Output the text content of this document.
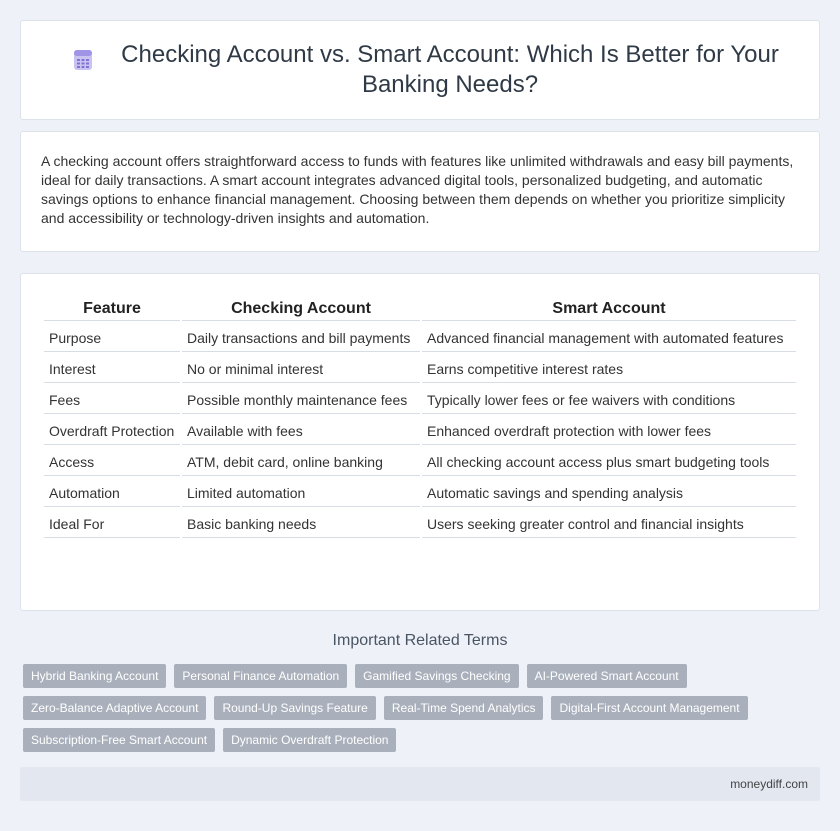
Checking Account vs. Smart Account: Which Is Better for Your Banking Needs?

A checking account offers straightforward access to funds with features like unlimited withdrawals and easy bill payments, ideal for daily transactions. A smart account integrates advanced digital tools, personalized budgeting, and automatic savings options to enhance financial management. Choosing between them depends on whether you prioritize simplicity and accessibility or technology-driven insights and automation.

Feature	Checking Account	Smart Account
Purpose	Daily transactions and bill payments	Advanced financial management with automated features
Interest	No or minimal interest	Earns competitive interest rates
Fees	Possible monthly maintenance fees	Typically lower fees or fee waivers with conditions
Overdraft Protection	Available with fees	Enhanced overdraft protection with lower fees
Access	ATM, debit card, online banking	All checking account access plus smart budgeting tools
Automation	Limited automation	Automatic savings and spending analysis
Ideal For	Basic banking needs	Users seeking greater control and financial insights
Important Related Terms
Hybrid Banking Account	Personal Finance Automation	Gamified Savings Checking	AI-Powered Smart Account
Zero-Balance Adaptive Account	Round-Up Savings Feature	Real-Time Spend Analytics	Digital-First Account Management
Subscription-Free Smart Account	Dynamic Overdraft Protection
moneydiff.com
